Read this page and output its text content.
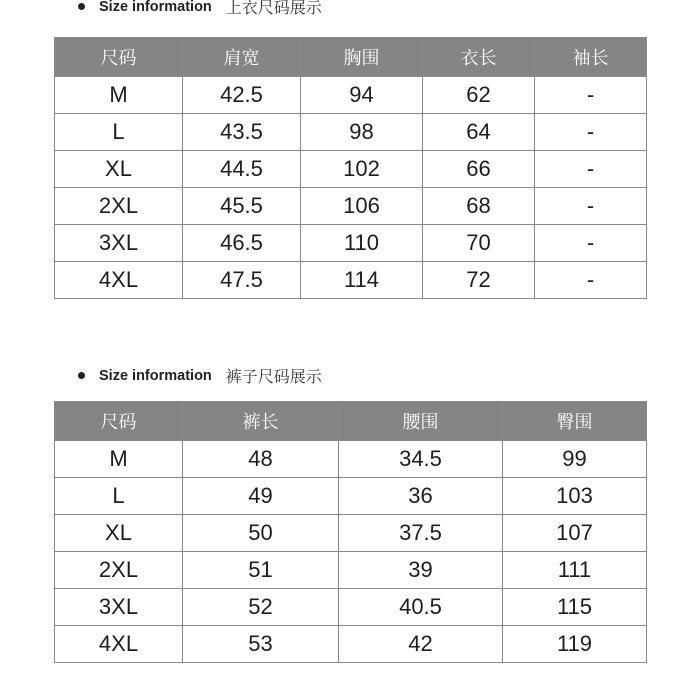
Size information 上衣尺码展示
尺码	肩宽	胸围	衣长	袖长
M	42.5	94	62	-
L	43.5	98	64	-
XL	44.5	102	66	-
2XL	45.5	106	68	-
3XL	46.5	110	70	-
4XL	47.5	114	72	-
Size information 裤子尺码展示
尺码	裤长	腰围	臀围
M	48	34.5	99
L	49	36	103
XL	50	37.5	107
2XL	51	39	111
3XL	52	40.5	115
4XL	53	42	119
